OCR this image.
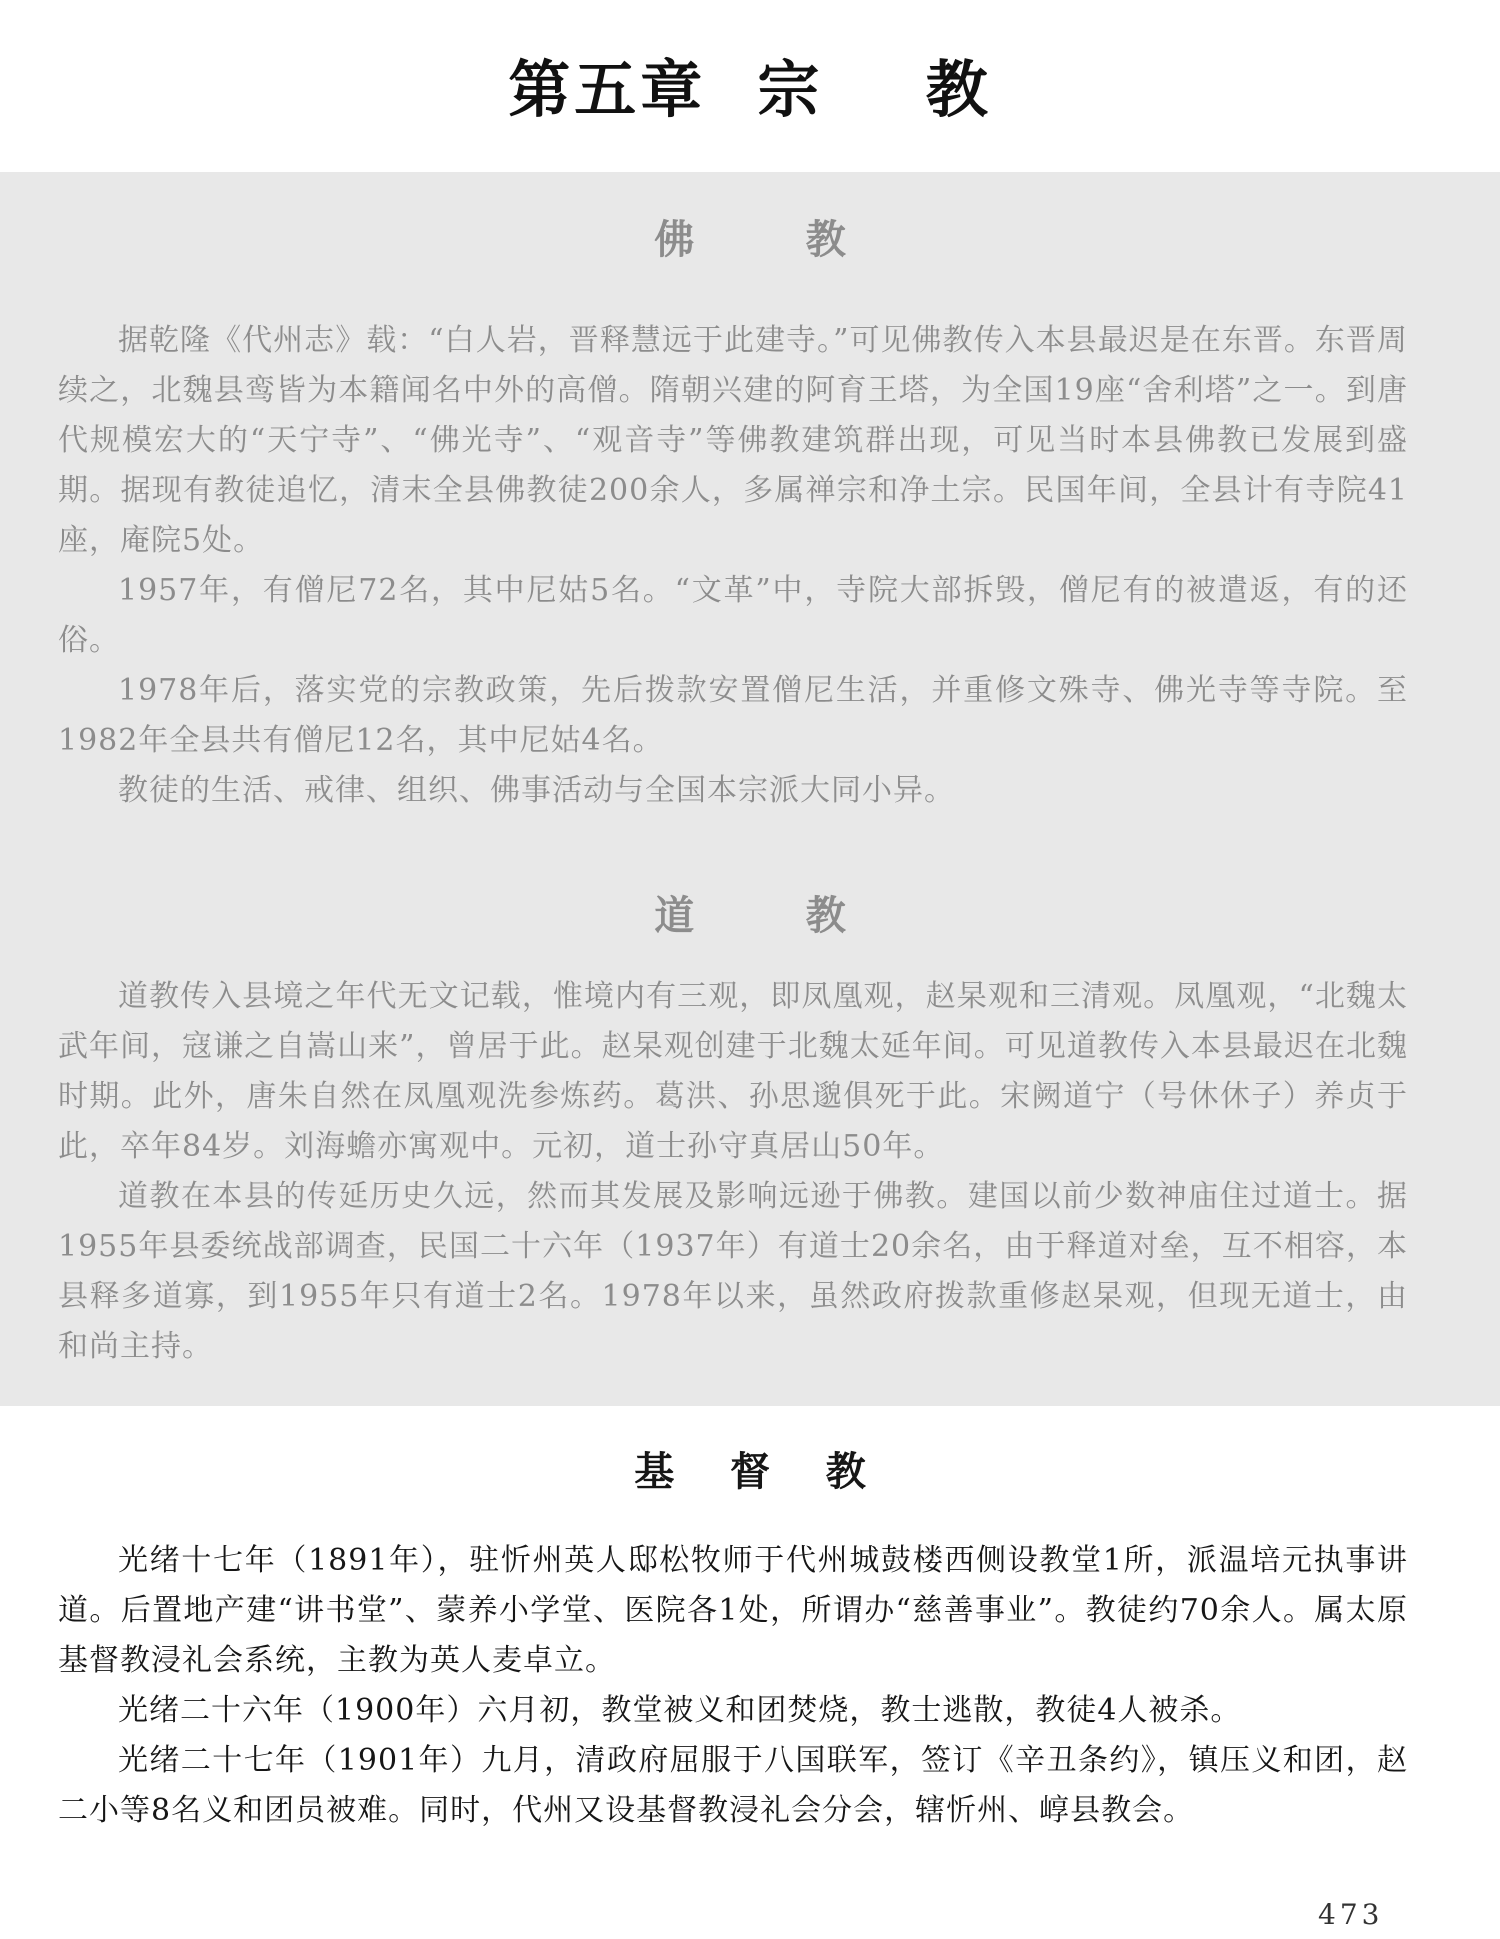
第五章  宗    教
佛        教

据乾隆《代州志》载：“白人岩，晋释慧远于此建寺。”可见佛教传入本县最迟是在东晋。东晋周续之，北魏县鸾皆为本籍闻名中外的高僧。隋朝兴建的阿育王塔，为全国19座“舍利塔”之一。到唐代规模宏大的“天宁寺”、“佛光寺”、“观音寺”等佛教建筑群出现，可见当时本县佛教已发展到盛期。据现有教徒追忆，清末全县佛教徒200余人，多属禅宗和净土宗。民国年间，全县计有寺院41座，庵院5处。

1957年，有僧尼72名，其中尼姑5名。“文革”中，寺院大部拆毁，僧尼有的被遣返，有的还俗。

1978年后，落实党的宗教政策，先后拨款安置僧尼生活，并重修文殊寺、佛光寺等寺院。至1982年全县共有僧尼12名，其中尼姑4名。

教徒的生活、戒律、组织、佛事活动与全国本宗派大同小异。

道        教

道教传入县境之年代无文记载，惟境内有三观，即凤凰观，赵杲观和三清观。凤凰观，“北魏太武年间，寇谦之自嵩山来”，曾居于此。赵杲观创建于北魏太延年间。可见道教传入本县最迟在北魏时期。此外，唐朱自然在凤凰观洗参炼药。葛洪、孙思邈俱死于此。宋阙道宁（号休休子）养贞于此，卒年84岁。刘海蟾亦寓观中。元初，道士孙守真居山50年。

道教在本县的传延历史久远，然而其发展及影响远逊于佛教。建国以前少数神庙住过道士。据1955年县委统战部调查，民国二十六年（1937年）有道士20余名，由于释道对垒，互不相容，本县释多道寡，到1955年只有道士2名。1978年以来，虽然政府拨款重修赵杲观，但现无道士，由和尚主持。

基    督    教

光绪十七年（1891年），驻忻州英人邸松牧师于代州城鼓楼西侧设教堂1所，派温培元执事讲道。后置地产建“讲书堂”、蒙养小学堂、医院各1处，所谓办“慈善事业”。教徒约70余人。属太原基督教浸礼会系统，主教为英人麦卓立。

光绪二十六年（1900年）六月初，教堂被义和团焚烧，教士逃散，教徒4人被杀。

光绪二十七年（1901年）九月，清政府屈服于八国联军，签订《辛丑条约》，镇压义和团，赵二小等8名义和团员被难。同时，代州又设基督教浸礼会分会，辖忻州、崞县教会。

473
